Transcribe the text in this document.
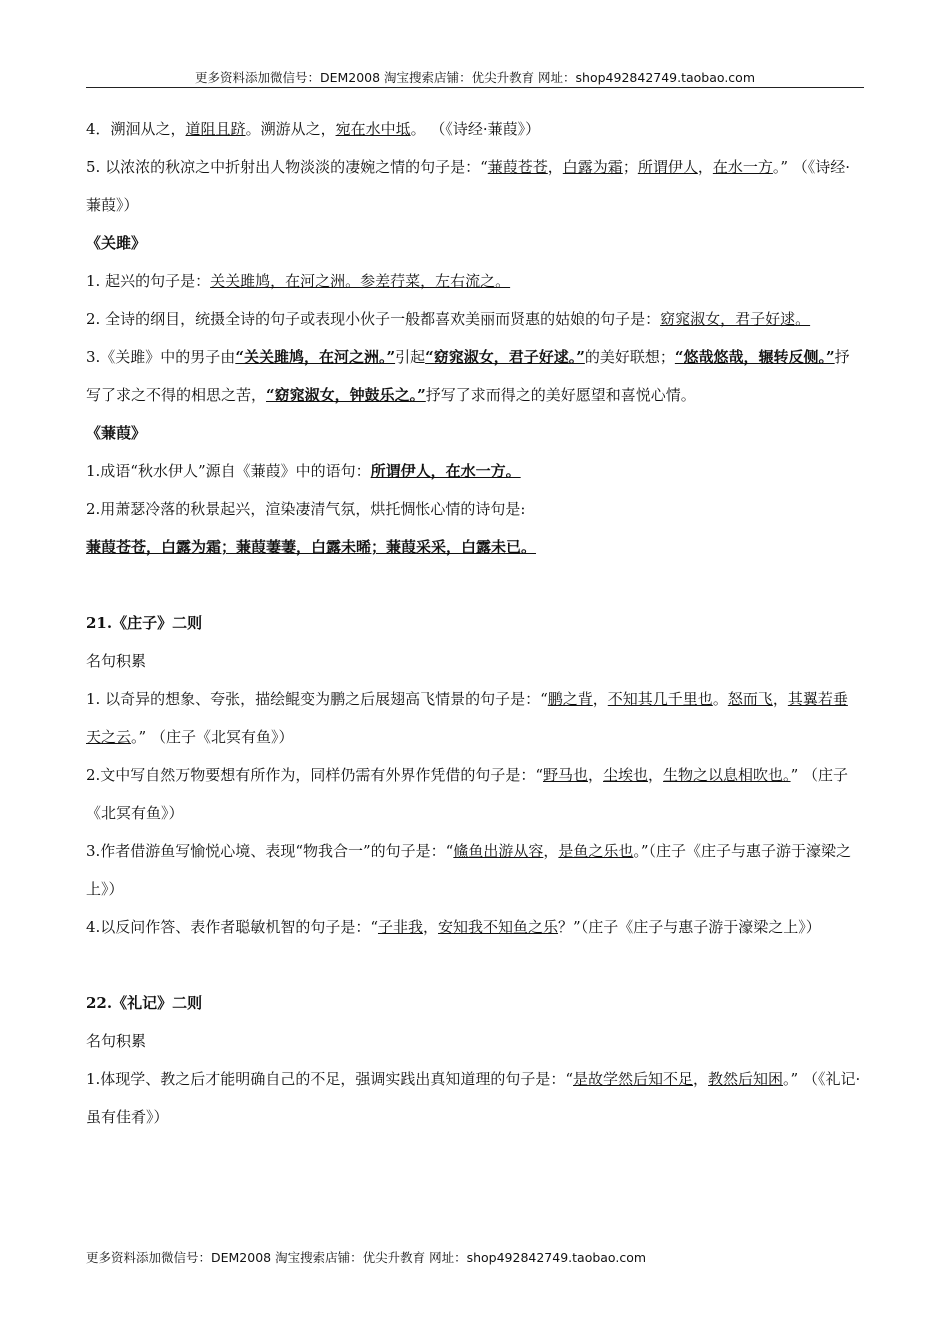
更多资料添加微信号：DEM2008 淘宝搜索店铺：优尖升教育 网址：shop492842749.taobao.com

4．溯洄从之，道阻且跻。溯游从之，宛在水中坻。 （《诗经·蒹葭》）

5. 以浓浓的秋凉之中折射出人物淡淡的凄婉之情的句子是：“蒹葭苍苍，白露为霜；所谓伊人，在水一方。” （《诗经·蒹葭》）

《关雎》

1. 起兴的句子是：关关雎鸠，在河之洲。参差荇菜，左右流之。

2. 全诗的纲目，统摄全诗的句子或表现小伙子一般都喜欢美丽而贤惠的姑娘的句子是：窈窕淑女，君子好逑。

3.《关雎》中的男子由“关关雎鸠，在河之洲。”引起“窈窕淑女，君子好逑。”的美好联想；“悠哉悠哉，辗转反侧。”抒写了求之不得的相思之苦，“窈窕淑女，钟鼓乐之。”抒写了求而得之的美好愿望和喜悦心情。

《蒹葭》

1.成语“秋水伊人”源自《蒹葭》中的语句：所谓伊人，在水一方。

2.用萧瑟冷落的秋景起兴，渲染凄清气氛，烘托惆怅心情的诗句是:

蒹葭苍苍，白露为霜；蒹葭萋萋，白露未晞；蒹葭采采，白露未已。

21.《庄子》二则

名句积累

1. 以奇异的想象、夸张，描绘鲲变为鹏之后展翅高飞情景的句子是：“鹏之背，不知其几千里也。怒而飞，其翼若垂天之云。” （庄子《北冥有鱼》）

2.文中写自然万物要想有所作为，同样仍需有外界作凭借的句子是：“野马也，尘埃也，生物之以息相吹也。” （庄子《北冥有鱼》）

3.作者借游鱼写愉悦心境、表现“物我合一”的句子是：“鯈鱼出游从容，是鱼之乐也。”（庄子《庄子与惠子游于濠梁之上》）

4.以反问作答、表作者聪敏机智的句子是：“子非我，安知我不知鱼之乐？”（庄子《庄子与惠子游于濠梁之上》）

22.《礼记》二则

名句积累

1.体现学、教之后才能明确自己的不足，强调实践出真知道理的句子是：“是故学然后知不足，教然后知困。” （《礼记·虽有佳肴》）

更多资料添加微信号：DEM2008 淘宝搜索店铺：优尖升教育 网址：shop492842749.taobao.com
